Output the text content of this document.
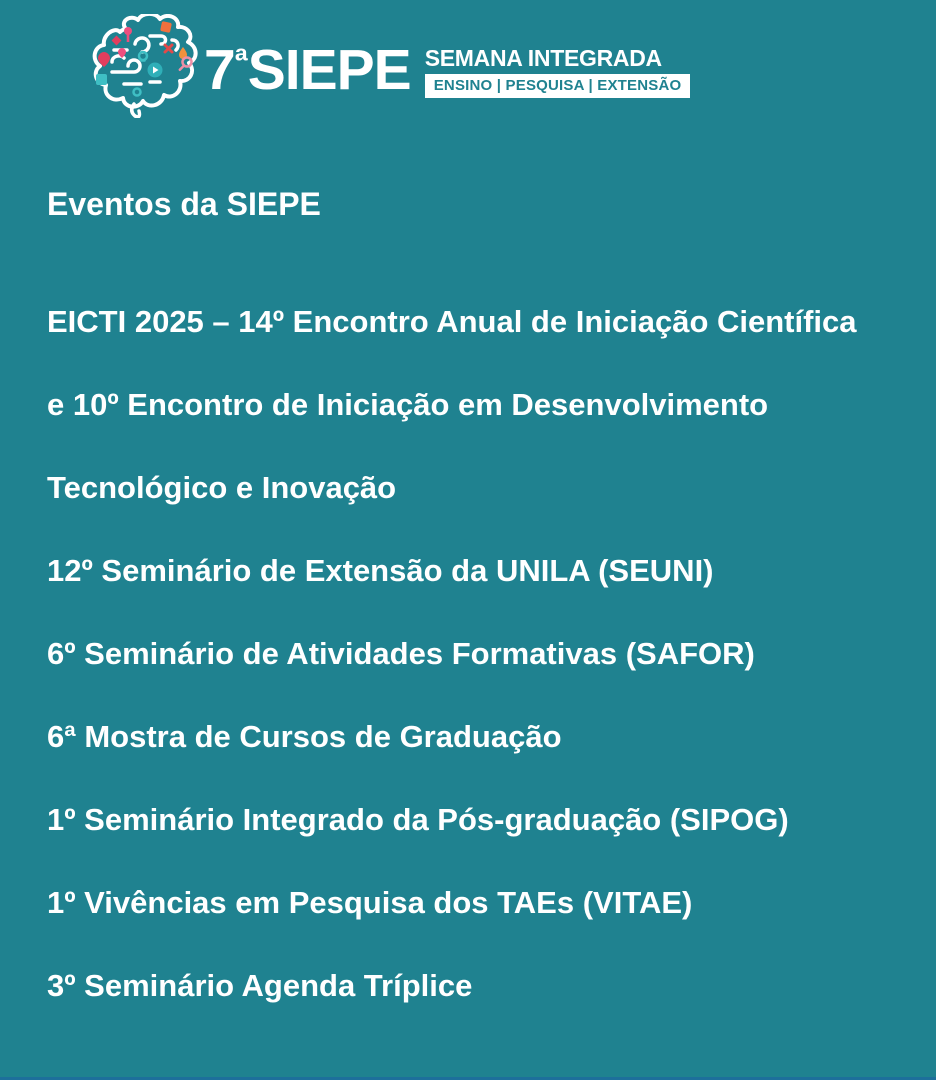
$7^ªSIEPE$ SEMANA INTEGRADA
ENSINO | PESQUISA | EXTENSÃO
Eventos da SIEPE
EICTI 2025 – 14º Encontro Anual de Iniciação Científica
e 10º Encontro de Iniciação em Desenvolvimento
Tecnológico e Inovação
12º Seminário de Extensão da UNILA (SEUNI)
6º Seminário de Atividades Formativas (SAFOR)
6ª Mostra de Cursos de Graduação
1º Seminário Integrado da Pós-graduação (SIPOG)
1º Vivências em Pesquisa dos TAEs (VITAE)
3º Seminário Agenda Tríplice
